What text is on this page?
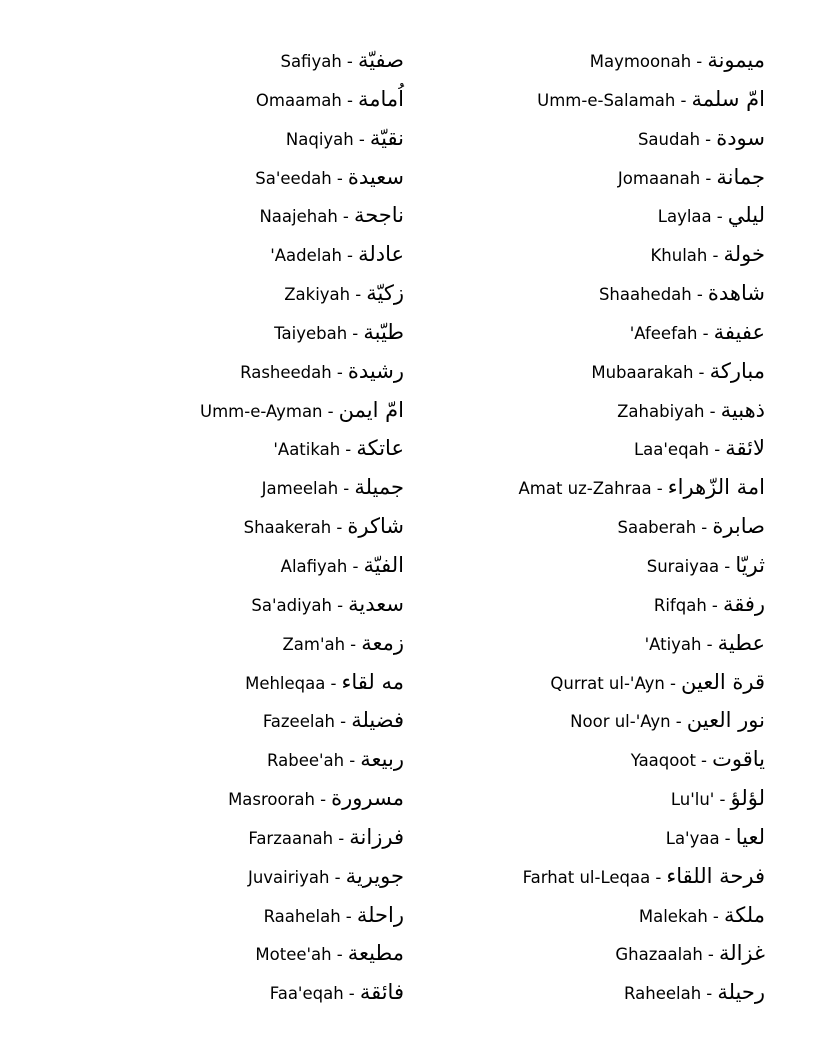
Maymoonah - ميمونة
Safiyah - صفيّة
Umm-e-Salamah - امّ سلمة
Omaamah - اُمامة
Saudah - سودة
Naqiyah - نقيّة
Jomaanah - جمانة
Sa'eedah - سعيدة
Laylaa - ليلي
Naajehah - ناجحة
Khulah - خولة
'Aadelah - عادلة
Shaahedah - شاهدة
Zakiyah - زكيّة
'Afeefah - عفيفة
Taiyebah - طيّبة
Mubaarakah - مبارکة
Rasheedah - رشيدة
Zahabiyah - ذهبية
Umm-e-Ayman - امّ ايمن
Laa'eqah - لائقة
'Aatikah - عاتكة
Amat uz-Zahraa - امة الزّهراء
Jameelah - جميلة
Saaberah - صابرة
Shaakerah - شاكرة
Suraiyaa - ثريّا
Alafiyah - الفيّة
Rifqah - رفقة
Sa'adiyah - سعدية
'Atiyah - عطية
Zam'ah - زمعة
Qurrat ul-'Ayn - قرة العين
Mehleqaa - مه لقاء
Noor ul-'Ayn - نور العين
Fazeelah - فضيلة
Yaaqoot - ياقوت
Rabee'ah - ربيعة
Lu'lu' - لؤلؤ
Masroorah - مسرورة
La'yaa - لعيا
Farzaanah - فرزانة
Farhat ul-Leqaa - فرحة اللقاء
Juvairiyah - جويرية
Malekah - ملكة
Raahelah - راحلة
Ghazaalah - غزالة
Motee'ah - مطيعة
Raheelah - رحيلة
Faa'eqah - فائقة
